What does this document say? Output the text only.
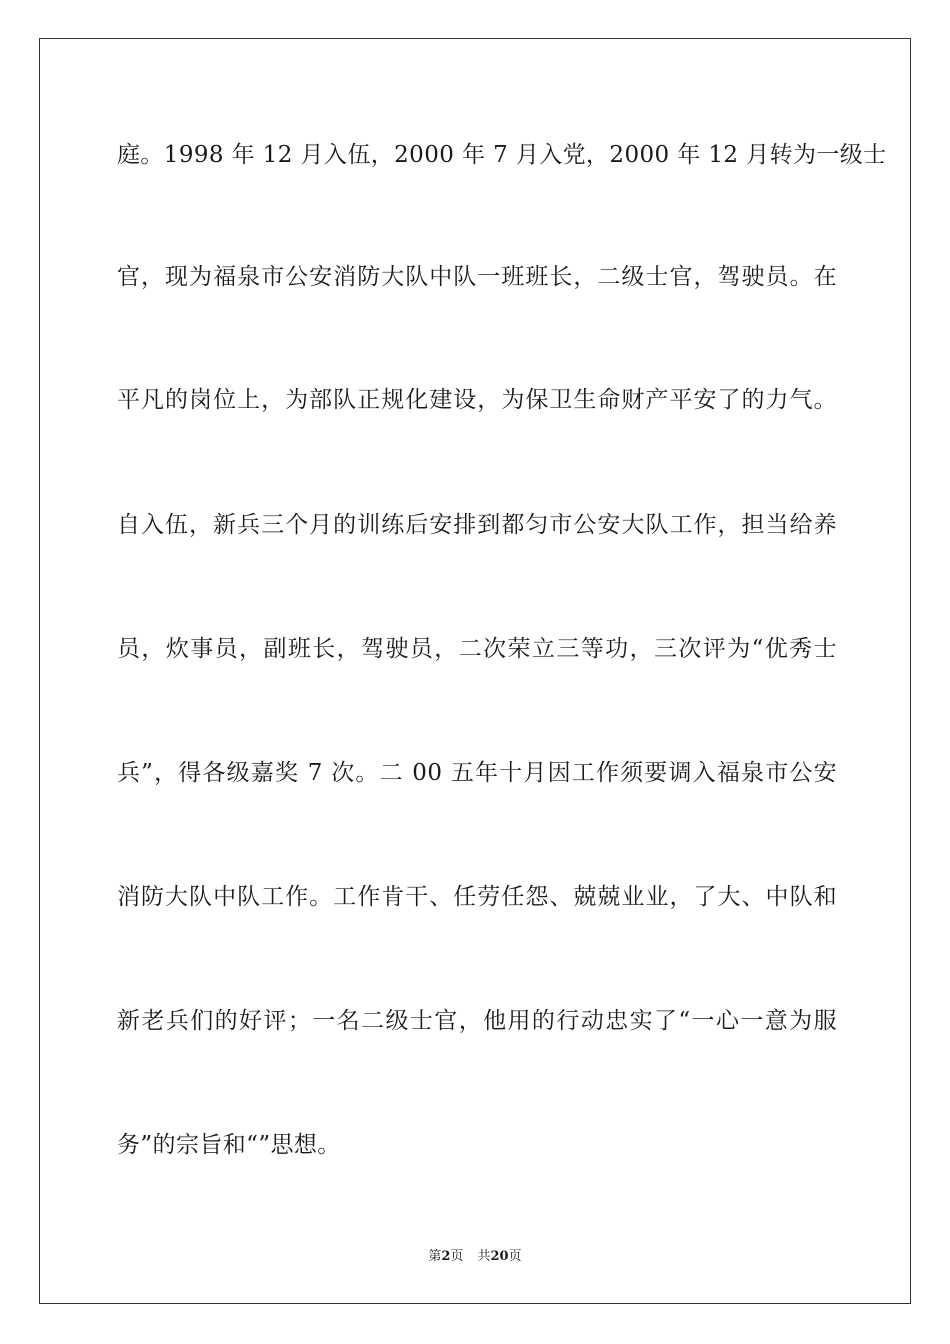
庭。1998 年 12 月入伍，2000 年 7 月入党，2000 年 12 月转为一级士
官，现为福泉市公安消防大队中队一班班长，二级士官，驾驶员。在
平凡的岗位上，为部队正规化建设，为保卫生命财产平安了的力气。
自入伍，新兵三个月的训练后安排到都匀市公安大队工作，担当给养
员，炊事员，副班长，驾驶员，二次荣立三等功，三次评为“优秀士
兵”，得各级嘉奖 7 次。二 00 五年十月因工作须要调入福泉市公安
消防大队中队工作。工作肯干、任劳任怨、兢兢业业，了大、中队和
新老兵们的好评；一名二级士官，他用的行动忠实了“一心一意为服
务”的宗旨和“”思想。
第2页 共20页
